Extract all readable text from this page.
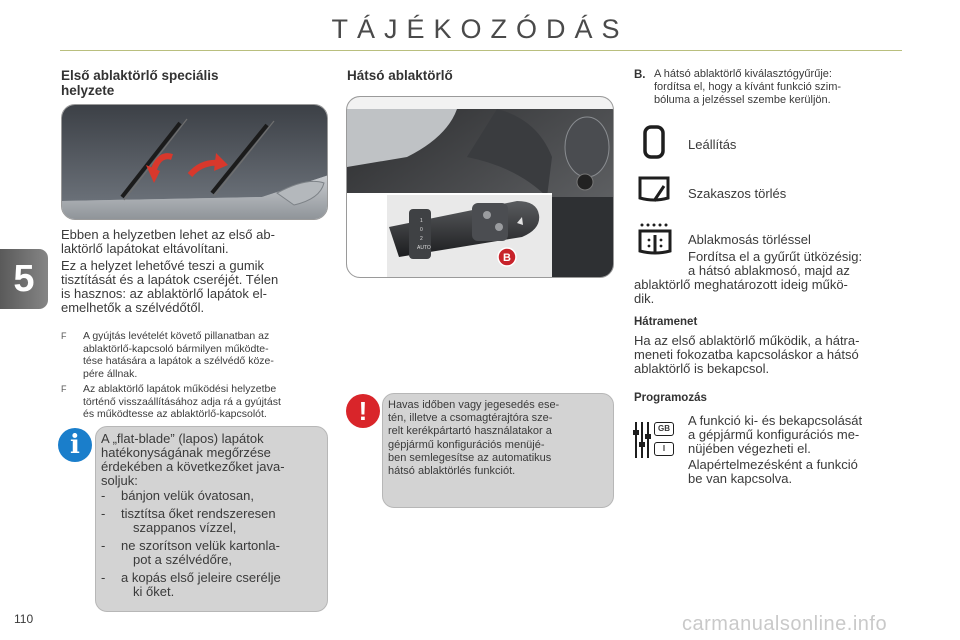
TÁJÉKOZÓDÁS
5
110
Első ablaktörlő speciális
helyzete
Ebben a helyzetben lehet az első ab-
laktörlő lapátokat eltávolítani.
Ez a helyzet lehetővé teszi a gumik
tisztítását és a lapátok cseréjét. Télen
is hasznos: az ablaktörlő lapátok el-
emelhetők a szélvédőtől.
F A gyújtás levételét követő pillanatban az
ablaktörlő-kapcsoló bármilyen működte-
tése hatására a lapátok a szélvédő köze-
pére állnak.
F Az ablaktörlő lapátok működési helyzetbe
történő visszaállításához adja rá a gyújtást
és működtesse az ablaktörlő-kapcsolót.
i	A „flat-blade” (lapos) lapátok
hatékonyságának megőrzése
érdekében a következőket java-
soljuk:
- bánjon velük óvatosan,
- tisztítsa őket rendszeresen
szappanos vízzel,
- ne szorítson velük kartonla-
pot a szélvédőre,
- a kopás első jeleire cserélje
ki őket.
Hátsó ablaktörlő
1
0
2
AUTO
B
!	Havas időben vagy jegesedés ese-
tén, illetve a csomagtérajtóra sze-
relt kerékpártartó használatakor a
gépjármű konfigurációs menüjé-
ben semlegesítse az automatikus
hátsó ablaktörlés funkciót.
B. A hátsó ablaktörlő kiválasztógyűrűje:
fordítsa el, hogy a kívánt funkció szim-
bóluma a jelzéssel szembe kerüljön.
Leállítás
Szakaszos törlés
Ablakmosás törléssel
Fordítsa el a gyűrűt ütközésig:
a hátsó ablakmosó, majd az
ablaktörlő meghatározott ideig műkö-
dik.
Hátramenet
Ha az első ablaktörlő működik, a hátra-
meneti fokozatba kapcsoláskor a hátsó
ablaktörlő is bekapcsol.
Programozás
GB
I
A funkció ki- és bekapcsolását
a gépjármű konfigurációs me-
nüjében végezheti el.
Alapértelmezésként a funkció
be van kapcsolva.
carmanualsonline.info
